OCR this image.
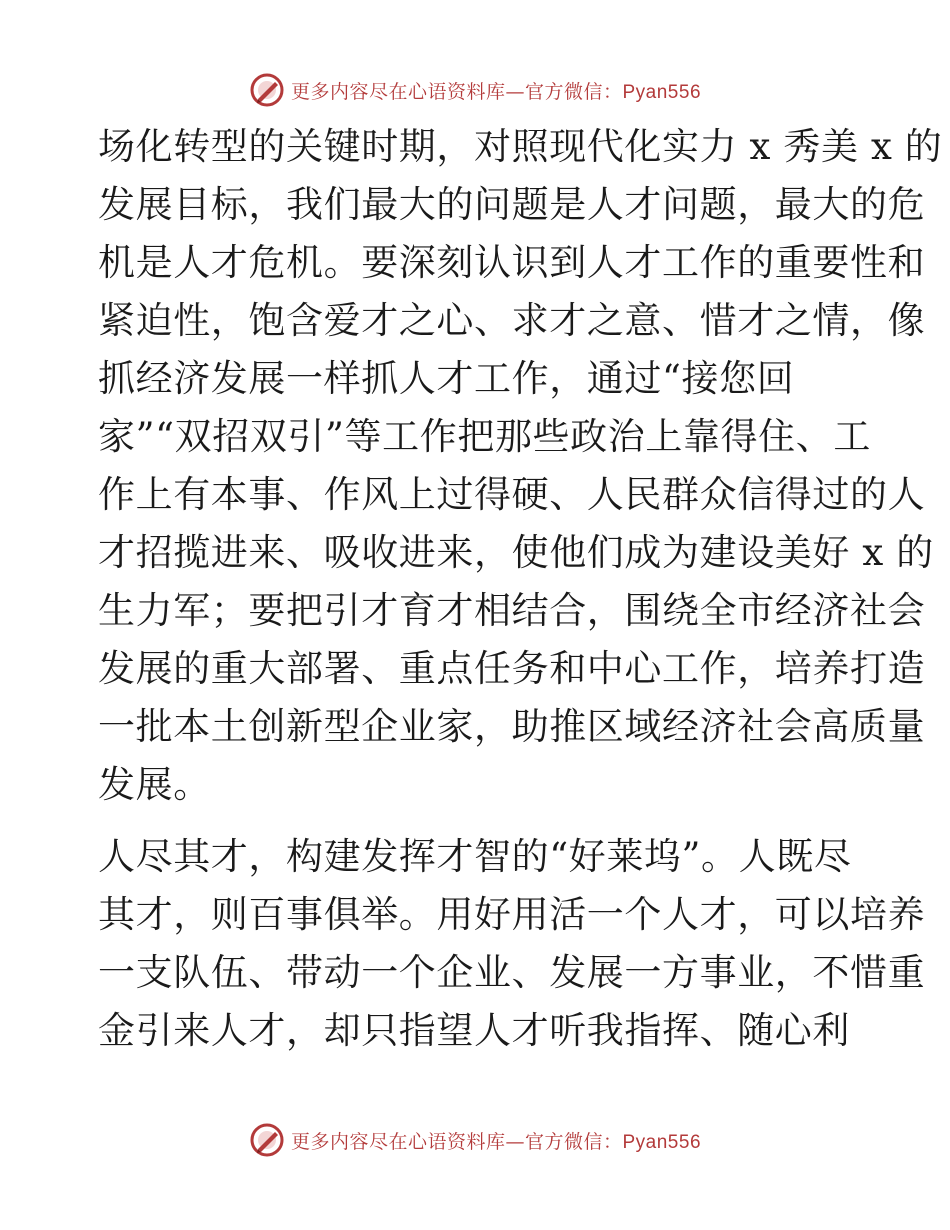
更多内容尽在心语资料库—官方微信：Pyan556
场化转型的关键时期，对照现代化实力 x 秀美 x 的
发展目标，我们最大的问题是人才问题，最大的危
机是人才危机。要深刻认识到人才工作的重要性和
紧迫性，饱含爱才之心、求才之意、惜才之情，像
抓经济发展一样抓人才工作，通过“接您回
家”“双招双引”等工作把那些政治上靠得住、工
作上有本事、作风上过得硬、人民群众信得过的人
才招揽进来、吸收进来，使他们成为建设美好 x 的
生力军；要把引才育才相结合，围绕全市经济社会
发展的重大部署、重点任务和中心工作，培养打造
一批本土创新型企业家，助推区域经济社会高质量
发展。
人尽其才，构建发挥才智的“好莱坞”。人既尽
其才，则百事俱举。用好用活一个人才，可以培养
一支队伍、带动一个企业、发展一方事业，不惜重
金引来人才，却只指望人才听我指挥、随心利
更多内容尽在心语资料库—官方微信：Pyan556
